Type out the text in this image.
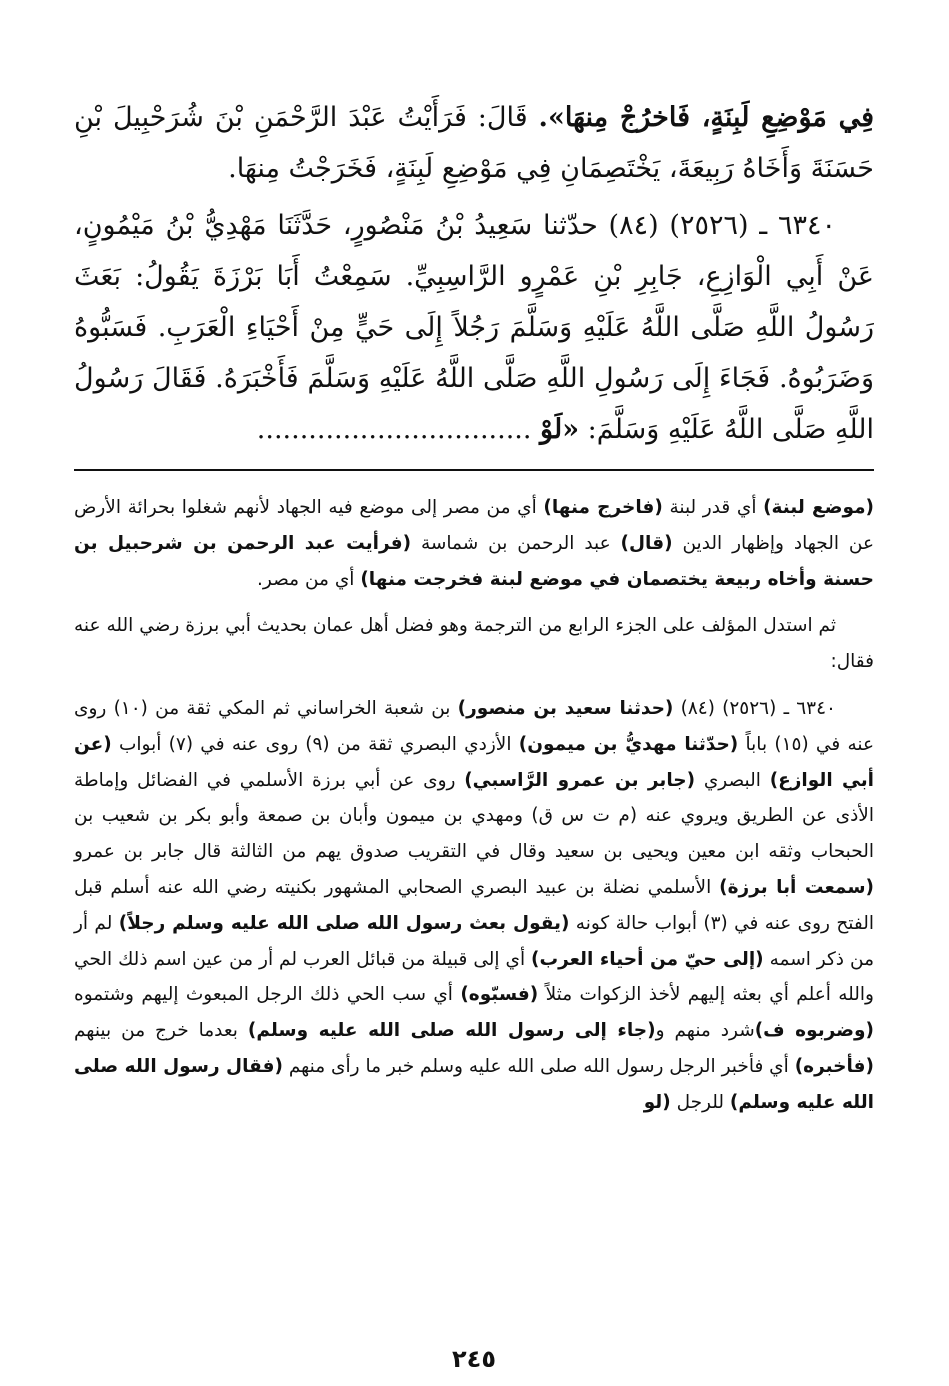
فِي مَوْضِعِ لَبِنَةٍ، فَاخرُجْ مِنهَا». قَالَ: فَرَأَيْتُ عَبْدَ الرَّحْمَنِ بْنَ شُرَحْبِيلَ بْنِ حَسَنَةَ وَأَخَاهُ رَبِيعَةَ، يَخْتَصِمَانِ فِي مَوْضِعِ لَبِنَةٍ، فَخَرَجْتُ مِنهَا.

٦٣٤٠ ـ (٢٥٢٦) (٨٤) حدّثنا سَعِيدُ بْنُ مَنْصُورٍ، حَدَّثَنَا مَهْدِيُّ بْنُ مَيْمُونٍ، عَنْ أَبِي الْوَازِعِ، جَابِرِ بْنِ عَمْرٍو الرَّاسِبِيِّ. سَمِعْتُ أَبَا بَرْزَةَ يَقُولُ: بَعَثَ رَسُولُ اللَّهِ صَلَّى اللَّهُ عَلَيْهِ وَسَلَّمَ رَجُلاً إِلَى حَيٍّ مِنْ أَحْيَاءِ الْعَرَبِ. فَسَبُّوهُ وَضَرَبُوهُ. فَجَاءَ إِلَى رَسُولِ اللَّهِ صَلَّى اللَّهُ عَلَيْهِ وَسَلَّمَ فَأَخْبَرَهُ. فَقَالَ رَسُولُ اللَّهِ صَلَّى اللَّهُ عَلَيْهِ وَسَلَّمَ: «لَوْ ................................

(موضع لبنة) أي قدر لبنة (فاخرج منها) أي من مصر إلى موضع فيه الجهاد لأنهم شغلوا بحرائة الأرض عن الجهاد وإظهار الدين (قال) عبد الرحمن بن شماسة (فرأيت عبد الرحمن بن شرحبيل بن حسنة وأخاه ربيعة يختصمان في موضع لبنة فخرجت منها) أي من مصر.

ثم استدل المؤلف على الجزء الرابع من الترجمة وهو فضل أهل عمان بحديث أبي برزة رضي الله عنه فقال:

٦٣٤٠ ـ (٢٥٢٦) (٨٤) (حدثنا سعيد بن منصور) بن شعبة الخراساني ثم المكي ثقة من (١٠) روى عنه في (١٥) باباً (حدّثنا مهديُّ بن ميمون) الأزدي البصري ثقة من (٩) روى عنه في (٧) أبواب (عن أبي الوازع) البصري (جابر بن عمرو الرَّاسبي) روى عن أبي برزة الأسلمي في الفضائل وإماطة الأذى عن الطريق ويروي عنه (م ت س ق) ومهدي بن ميمون وأبان بن صمعة وأبو بكر بن شعيب بن الحبحاب وثقه ابن معين ويحيى بن سعيد وقال في التقريب صدوق يهم من الثالثة قال جابر بن عمرو (سمعت أبا برزة) الأسلمي نضلة بن عبيد البصري الصحابي المشهور بكنيته رضي الله عنه أسلم قبل الفتح روى عنه في (٣) أبواب حالة كونه (يقول بعث رسول الله صلى الله عليه وسلم رجلاً) لم أر من ذكر اسمه (إلى حيّ من أحياء العرب) أي إلى قبيلة من قبائل العرب لم أر من عين اسم ذلك الحي والله أعلم أي بعثه إليهم لأخذ الزكوات مثلاً (فسبّوه) أي سب الحي ذلك الرجل المبعوث إليهم وشتموه (وضربوه ف)شرد منهم و(جاء إلى رسول الله صلى الله عليه وسلم) بعدما خرج من بينهم (فأخبره) أي فأخبر الرجل رسول الله صلى الله عليه وسلم خبر ما رأى منهم (فقال رسول الله صلى الله عليه وسلم) للرجل (لو

٢٤٥
